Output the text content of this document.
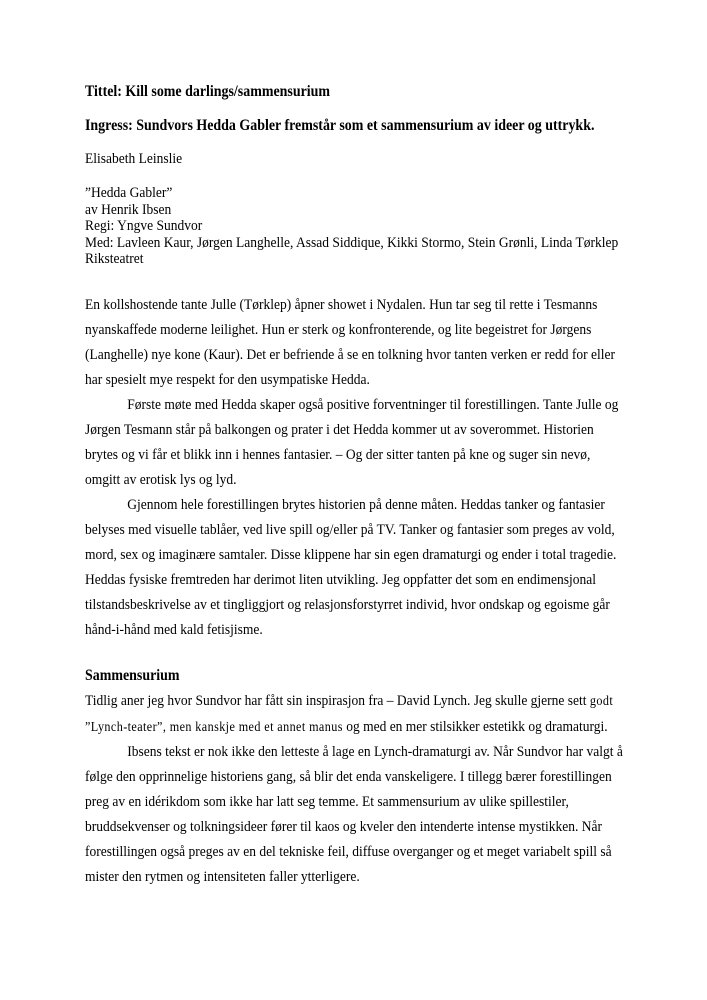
Tittel: Kill some darlings/sammensurium

Ingress: Sundvors Hedda Gabler fremstår som et sammensurium av ideer og uttrykk.

Elisabeth Leinslie

”Hedda Gabler”
av Henrik Ibsen
Regi: Yngve Sundvor
Med: Lavleen Kaur, Jørgen Langhelle, Assad Siddique, Kikki Stormo, Stein Grønli, Linda Tørklep
Riksteatret

En kollshostende tante Julle (Tørklep) åpner showet i Nydalen. Hun tar seg til rette i Tesmanns nyanskaffede moderne leilighet. Hun er sterk og konfronterende, og lite begeistret for Jørgens (Langhelle) nye kone (Kaur). Det er befriende å se en tolkning hvor tanten verken er redd for eller har spesielt mye respekt for den usympatiske Hedda.

Første møte med Hedda skaper også positive forventninger til forestillingen. Tante Julle og Jørgen Tesmann står på balkongen og prater i det Hedda kommer ut av soverommet. Historien brytes og vi får et blikk inn i hennes fantasier. – Og der sitter tanten på kne og suger sin nevø, omgitt av erotisk lys og lyd.

Gjennom hele forestillingen brytes historien på denne måten. Heddas tanker og fantasier belyses med visuelle tablåer, ved live spill og/eller på TV. Tanker og fantasier som preges av vold, mord, sex og imaginære samtaler. Disse klippene har sin egen dramaturgi og ender i total tragedie. Heddas fysiske fremtreden har derimot liten utvikling. Jeg oppfatter det som en endimensjonal tilstandsbeskrivelse av et tingliggjort og relasjonsforstyrret individ, hvor ondskap og egoisme går hånd-i-hånd med kald fetisjisme.

Sammensurium

Tidlig aner jeg hvor Sundvor har fått sin inspirasjon fra – David Lynch. Jeg skulle gjerne sett godt ”Lynch-teater”, men kanskje med et annet manus og med en mer stilsikker estetikk og dramaturgi.

Ibsens tekst er nok ikke den letteste å lage en Lynch-dramaturgi av. Når Sundvor har valgt å følge den opprinnelige historiens gang, så blir det enda vanskeligere. I tillegg bærer forestillingen preg av en idérikdom som ikke har latt seg temme. Et sammensurium av ulike spillestiler, bruddsekvenser og tolkningsideer fører til kaos og kveler den intenderte intense mystikken. Når forestillingen også preges av en del tekniske feil, diffuse overganger og et meget variabelt spill så mister den rytmen og intensiteten faller ytterligere.
